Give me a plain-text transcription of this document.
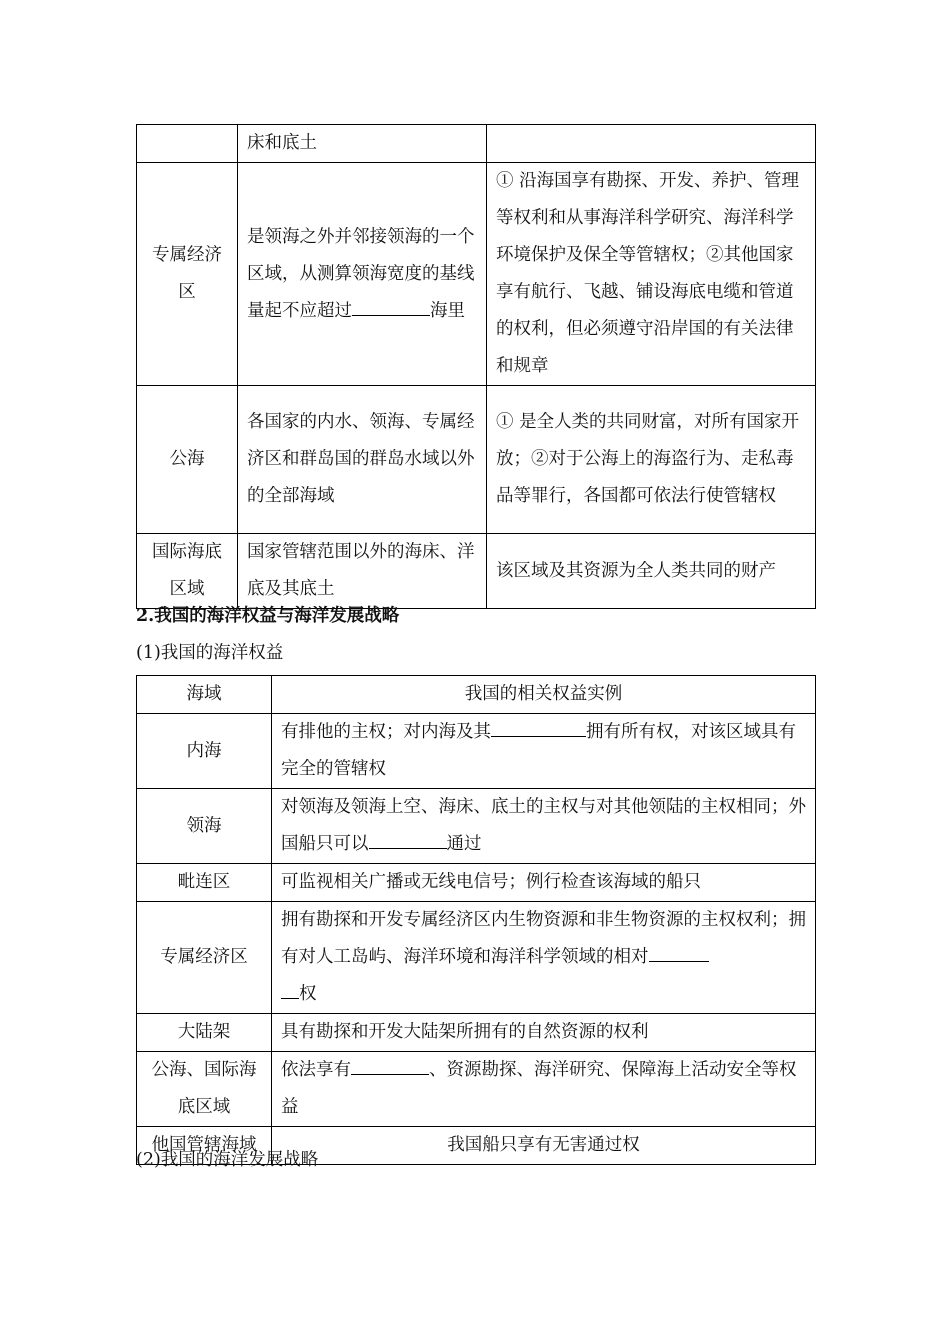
	床和底土	
专属经济区	是领海之外并邻接领海的一个区域，从测算领海宽度的基线量起不应超过 海里	① 沿海国享有勘探、开发、养护、管理等权利和从事海洋科学研究、海洋科学环境保护及保全等管辖权；②其他国家享有航行、飞越、铺设海底电缆和管道的权利，但必须遵守沿岸国的有关法律和规章
公海	各国家的内水、领海、专属经济区和群岛国的群岛水域以外的全部海域	① 是全人类的共同财富，对所有国家开放；②对于公海上的海盗行为、走私毒品等罪行，各国都可依法行使管辖权
国际海底区域	国家管辖范围以外的海床、洋底及其底土	该区域及其资源为全人类共同的财产
2.我国的海洋权益与海洋发展战略
(1)我国的海洋权益
海域	我国的相关权益实例
内海	有排他的主权；对内海及其 拥有所有权，对该区域具有完全的管辖权
领海	对领海及领海上空、海床、底土的主权与对其他领陆的主权相同；外国船只可以 通过
毗连区	可监视相关广播或无线电信号；例行检查该海域的船只
专属经济区	拥有勘探和开发专属经济区内生物资源和非生物资源的主权权利；拥有对人工岛屿、海洋环境和海洋科学领域的相对
权
大陆架	具有勘探和开发大陆架所拥有的自然资源的权利
公海、国际海底区域	依法享有 、资源勘探、海洋研究、保障海上活动安全等权益
他国管辖海域	我国船只享有无害通过权
(2)我国的海洋发展战略
